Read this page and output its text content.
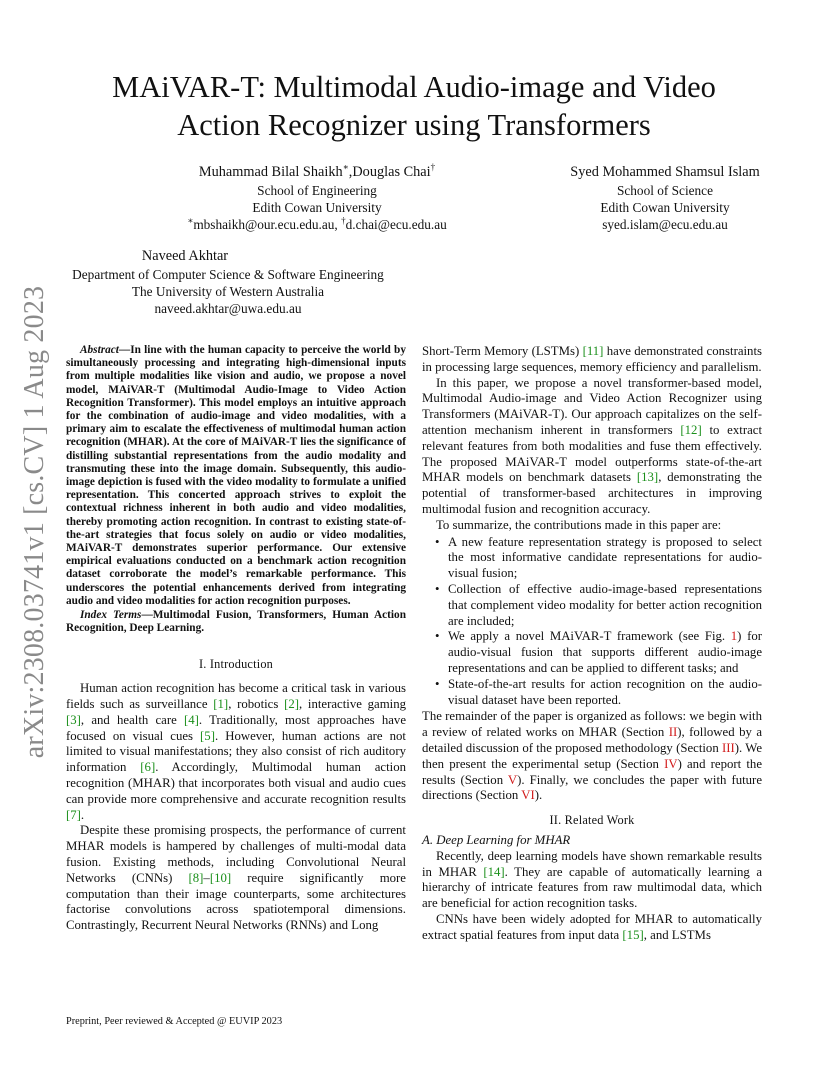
MAiVAR-T: Multimodal Audio-image and Video
Action Recognizer using Transformers
Muhammad Bilal Shaikh∗,Douglas Chai†
School of Engineering
Edith Cowan University
∗mbshaikh@our.ecu.edu.au, †d.chai@ecu.edu.au
Syed Mohammed Shamsul Islam
School of Science
Edith Cowan University
syed.islam@ecu.edu.au
Naveed Akhtar
Department of Computer Science & Software Engineering
The University of Western Australia
naveed.akhtar@uwa.edu.au
arXiv:2308.03741v1 [cs.CV] 1 Aug 2023	Abstract—In line with the human capacity to perceive the world by simultaneously processing and integrating high-dimensional inputs from multiple modalities like vision and audio, we propose a novel model, MAiVAR-T (Multimodal Audio-Image to Video Action Recognition Transformer). This model employs an intuitive approach for the combination of audio-image and video modalities, with a primary aim to escalate the effectiveness of multimodal human action recognition (MHAR). At the core of MAiVAR-T lies the significance of distilling substantial representations from the audio modality and transmuting these into the image domain. Subsequently, this audio-image depiction is fused with the video modality to formulate a unified representation. This concerted approach strives to exploit the contextual richness inherent in both audio and video modalities, thereby promoting action recognition. In contrast to existing state-of-the-art strategies that focus solely on audio or video modalities, MAiVAR-T demonstrates superior performance. Our extensive empirical evaluations conducted on a benchmark action recognition dataset corroborate the model’s remarkable performance. This underscores the potential enhancements derived from integrating audio and video modalities for action recognition purposes.

Index Terms—Multimodal Fusion, Transformers, Human Action Recognition, Deep Learning.

I. Introduction

Human action recognition has become a critical task in various fields such as surveillance [1], robotics [2], interactive gaming [3], and health care [4]. Traditionally, most approaches have focused on visual cues [5]. However, human actions are not limited to visual manifestations; they also consist of rich auditory information [6]. Accordingly, Multimodal human action recognition (MHAR) that incorporates both visual and audio cues can provide more comprehensive and accurate recognition results [7].

Despite these promising prospects, the performance of current MHAR models is hampered by challenges of multi-modal data fusion. Existing methods, including Convolutional Neural Networks (CNNs) [8]–[10] require significantly more computation than their image counterparts, some architectures factorise convolutions across spatiotemporal dimensions. Contrastingly, Recurrent Neural Networks (RNNs) and Long

Short-Term Memory (LSTMs) [11] have demonstrated constraints in processing large sequences, memory efficiency and parallelism.

In this paper, we propose a novel transformer-based model, Multimodal Audio-image and Video Action Recognizer using Transformers (MAiVAR-T). Our approach capitalizes on the self-attention mechanism inherent in transformers [12] to extract relevant features from both modalities and fuse them effectively. The proposed MAiVAR-T model outperforms state-of-the-art MHAR models on benchmark datasets [13], demonstrating the potential of transformer-based architectures in improving multimodal fusion and recognition accuracy.

To summarize, the contributions made in this paper are:

• A new feature representation strategy is proposed to select the most informative candidate representations for audio-visual fusion;
• Collection of effective audio-image-based representations that complement video modality for better action recognition are included;
• We apply a novel MAiVAR-T framework (see Fig. 1) for audio-visual fusion that supports different audio-image representations and can be applied to different tasks; and
• State-of-the-art results for action recognition on the audio-visual dataset have been reported.

The remainder of the paper is organized as follows: we begin with a review of related works on MHAR (Section II), followed by a detailed discussion of the proposed methodology (Section III). We then present the experimental setup (Section IV) and report the results (Section V). Finally, we concludes the paper with future directions (Section VI).

II. Related Work

A. Deep Learning for MHAR

Recently, deep learning models have shown remarkable results in MHAR [14]. They are capable of automatically learning a hierarchy of intricate features from raw multimodal data, which are beneficial for action recognition tasks.

CNNs have been widely adopted for MHAR to automatically extract spatial features from input data [15], and LSTMs

Preprint, Peer reviewed & Accepted @ EUVIP 2023
